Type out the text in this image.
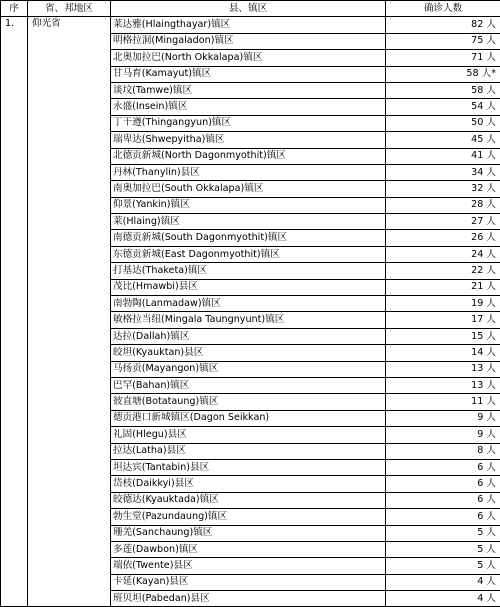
序	省、邦地区	县、镇区	确诊人数
1.	仰光省	莱达雅(Hlaingthayar)镇区	82 人
		明格拉洞(Mingaladon)镇区	75 人
		北奥加拉巴(North Okkalapa)镇区	71 人
		甘马育(Kamayut)镇区	58 人*
		谈坟(Tamwe)镇区	58 人
		永盛(Insein)镇区	54 人
		丁干遵(Thingangyun)镇区	50 人
		瑞卑达(Shwepyitha)镇区	45 人
		北德贡新城(North Dagonmyothit)镇区	41 人
		丹林(Thanylin)县区	34 人
		南奥加拉巴(South Okkalapa)镇区	32 人
		仰景(Yankin)镇区	28 人
		莱(Hlaing)镇区	27 人
		南德贡新城(South Dagonmyothit)镇区	26 人
		东德贡新城(East Dagonmyothit)镇区	24 人
		打基达(Thaketa)镇区	22 人
		茂比(Hmawbi)县区	21 人
		南勃陶(Lanmadaw)镇区	19 人
		敏格拉当纽(Mingala Taungnyunt)镇区	17 人
		达拉(Dallah)镇区	15 人
		皎坦(Kyauktan)县区	14 人
		马扬贡(Mayangon)镇区	13 人
		巴罕(Bahan)镇区	13 人
		彼直塘(Botataung)镇区	11 人
		德贡港口新城镇区(Dagon Seikkan)	9 人
		礼固(Hlegu)县区	9 人
		拉达(Latha)县区	8 人
		坦达宾(Tantabin)县区	6 人
		岱枝(Daikkyi)县区	6 人
		皎德达(Kyauktada)镇区	6 人
		勃生堂(Pazundaung)镇区	6 人
		珊羌(Sanchaung)镇区	5 人
		多莲(Dawbon)镇区	5 人
		端依(Twente)县区	5 人
		卡延(Kayan)县区	4 人
		班贝坦(Pabedan)县区	4 人
